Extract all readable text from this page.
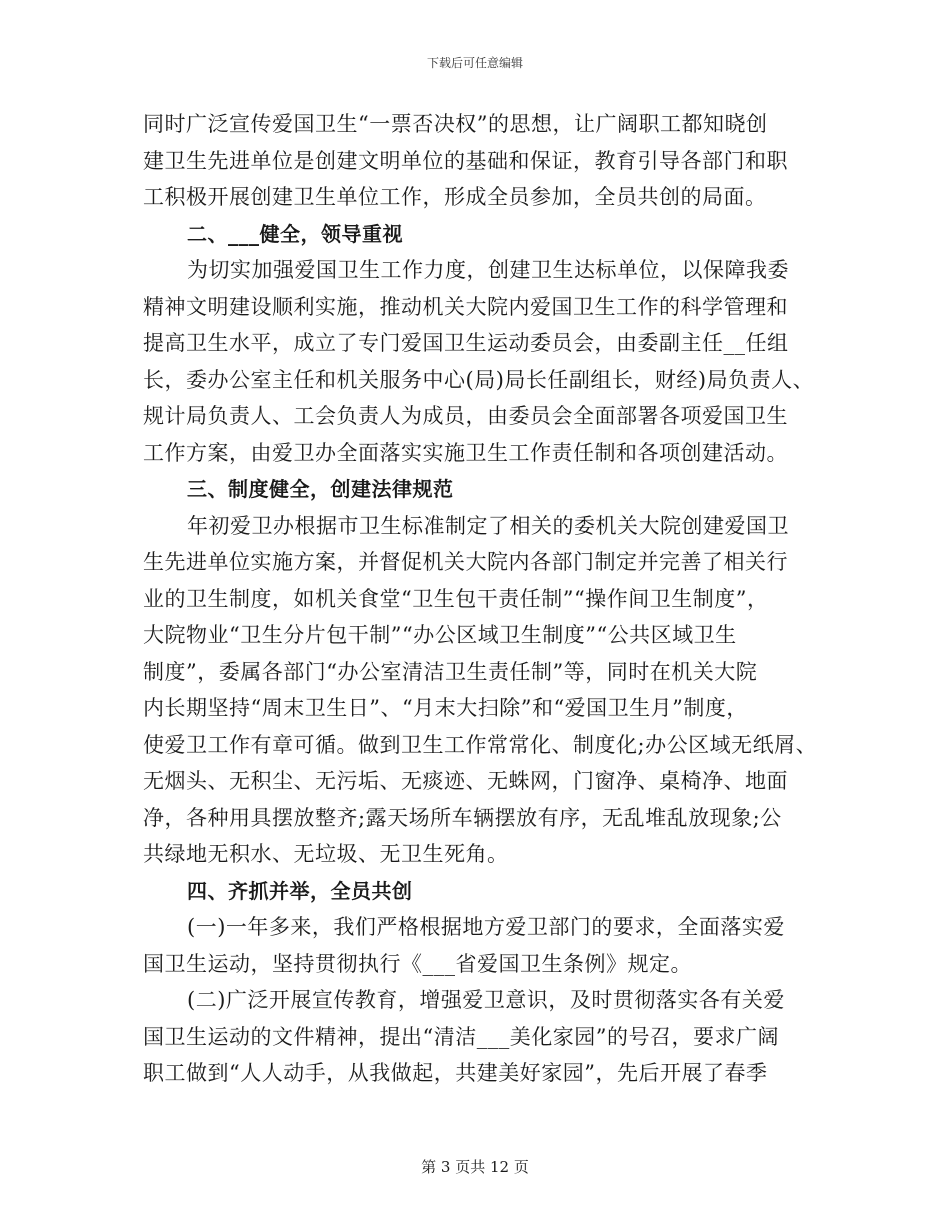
下载后可任意编辑
同时广泛宣传爱国卫生“一票否决权”的思想，让广阔职工都知晓创
建卫生先进单位是创建文明单位的基础和保证，教育引导各部门和职
工积极开展创建卫生单位工作，形成全员参加，全员共创的局面。
二、___健全，领导重视
为切实加强爱国卫生工作力度，创建卫生达标单位，以保障我委
精神文明建设顺利实施，推动机关大院内爱国卫生工作的科学管理和
提高卫生水平，成立了专门爱国卫生运动委员会，由委副主任__任组
长，委办公室主任和机关服务中心(局)局长任副组长，财经)局负责人、
规计局负责人、工会负责人为成员，由委员会全面部署各项爱国卫生
工作方案，由爱卫办全面落实实施卫生工作责任制和各项创建活动。
三、制度健全，创建法律规范
年初爱卫办根据市卫生标准制定了相关的委机关大院创建爱国卫
生先进单位实施方案，并督促机关大院内各部门制定并完善了相关行
业的卫生制度，如机关食堂“卫生包干责任制”“操作间卫生制度”，
大院物业“卫生分片包干制”“办公区域卫生制度”“公共区域卫生
制度”，委属各部门“办公室清洁卫生责任制”等，同时在机关大院
内长期坚持“周末卫生日”、“月末大扫除”和“爱国卫生月”制度，
使爱卫工作有章可循。做到卫生工作常常化、制度化;办公区域无纸屑、
无烟头、无积尘、无污垢、无痰迹、无蛛网，门窗净、桌椅净、地面
净，各种用具摆放整齐;露天场所车辆摆放有序，无乱堆乱放现象;公
共绿地无积水、无垃圾、无卫生死角。
四、齐抓并举，全员共创
(一)一年多来，我们严格根据地方爱卫部门的要求，全面落实爱
国卫生运动，坚持贯彻执行《___省爱国卫生条例》规定。
(二)广泛开展宣传教育，增强爱卫意识，及时贯彻落实各有关爱
国卫生运动的文件精神，提出“清洁___美化家园”的号召，要求广阔
职工做到“人人动手，从我做起，共建美好家园”，先后开展了春季
第 3 页共 12 页
